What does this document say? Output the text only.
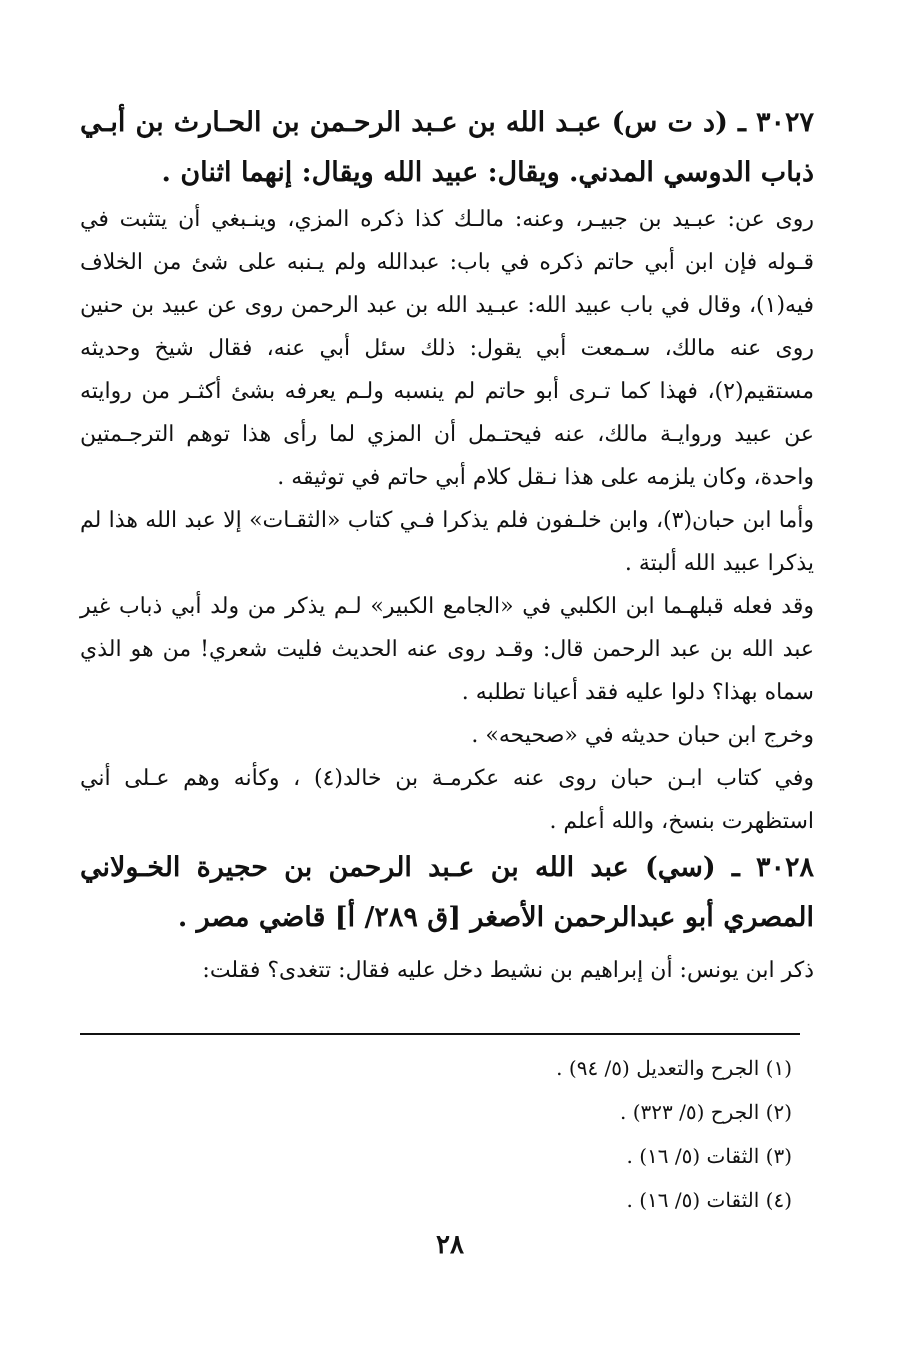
٣٠٢٧ ـ (د ت س) عبـد الله بن عـبد الرحـمن بن الحـارث بن أبـي ذباب الدوسي المدني. ويقال: عبيد الله ويقال: إنهما اثنان .

روى عن: عبـيد بن جبيـر، وعنه: مالـك كذا ذكره المزي، وينـبغي أن يتثبت في قـوله فإن ابن أبي حاتم ذكره في باب: عبدالله ولم يـنبه على شئ من الخلاف فيه(١)، وقال في باب عبيد الله: عبـيد الله بن عبد الرحمن روى عن عبيد بن حنين روى عنه مالك، سـمعت أبي يقول: ذلك سئل أبي عنه، فقال شيخ وحديثه مستقيم(٢)، فهذا كما تـرى أبو حاتم لم ينسبه ولـم يعرفه بشئ أكثـر من روايته عن عبيد وروايـة مالك، عنه فيحتـمل أن المزي لما رأى هذا توهم الترجـمتين واحدة، وكان يلزمه على هذا نـقل كلام أبي حاتم في توثيقه .

وأما ابن حبان(٣)، وابن خلـفون فلم يذكرا فـي كتاب «الثقـات» إلا عبد الله هذا لم يذكرا عبيد الله ألبتة .

وقد فعله قبلهـما ابن الكلبي في «الجامع الكبير» لـم يذكر من ولد أبي ذباب غير عبد الله بن عبد الرحمن قال: وقـد روى عنه الحديث فليت شعري! من هو الذي سماه بهذا؟ دلوا عليه فقد أعيانا تطلبه .

وخرج ابن حبان حديثه في «صحيحه» .

وفي كتاب ابـن حبان روى عنه عكرمـة بن خالد(٤) ، وكأنه وهم عـلى أني استظهرت بنسخ، والله أعلم .

٣٠٢٨ ـ (سي) عبد الله بن عـبد الرحمن بن حجيرة الخـولاني المصري أبو عبدالرحمن الأصغر [ق ٢٨٩/ أ] قاضي مصر .

ذكر ابن يونس: أن إبراهيم بن نشيط دخل عليه فقال: تتغدى؟ فقلت:

(١) الجرح والتعديل (٥/ ٩٤) .
(٢) الجرح (٥/ ٣٢٣) .
(٣) الثقات (٥/ ١٦) .
(٤) الثقات (٥/ ١٦) .
٢٨
